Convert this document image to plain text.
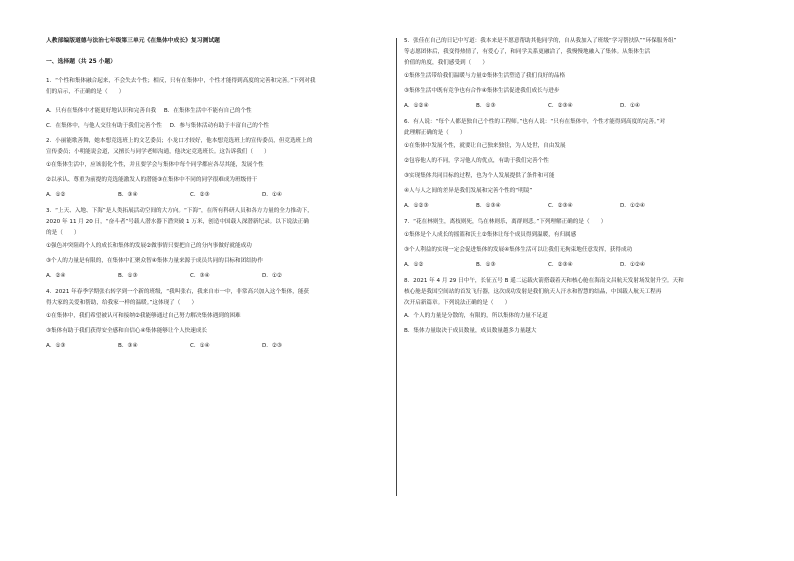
人教部编版道德与法治七年级第三单元《在集体中成长》复习测试题
一、选择题（共 25 小题）

1．“个性和集体融合起来，不会失去个性；相反，只有在集体中，个性才能得到高度的完善和完善。”下列对我

们的启示，不正确的是（　　）

A．只有在集体中才能更好地认识和完善自我 B．在集体生活中不能有自己的个性
C．在集体中，与他人交往有助于我们完善个性 D．参与集体活动有助于丰富自己的个性

2．小丽能歌善舞，她本想竞选班上的文艺委员；小龙口才较好，他本想竞选班上的宣传委员，但竞选班上的

宣传委员；小明能说会道，又擅长与同学老师沟通，他决定竞选班长。这告诉我们（　　）

①在集体生活中，应该弱化个性，并且要学会与集体中每个同学都应各尽其能，发展个性
②以承认、尊重为前提的竞选能激发人的潜能③在集体中不同的同学很难成为班级骨干
A．①②	B．③④	C．②③	D．①④

3．“上天、入地、下海”是人类拓展活动空间的大方向。“下海”，在所有科研人员和各方力量的全力推动下，

2020 年 11 月 20 日，“奋斗者”号载人潜水器下潜突破 1 万米，创造中国载人深潜新纪录。以下说法正确

的是（　　）

①强色冲突阻碍个人的成长和集体的发展②做事情只要把自己的分内事做好就能成功
③个人的力量是有限的，在集体中汇聚众智④集体力量来源于成员共同的目标和团结协作
A．②④	B．①③	C．③④	D．①②

4．2021 年春季学期张右转学到一个新的班级，“我叫张右，我来自市一中，非常高兴加入这个集体，能获

得大家的关爱和帮助，给我家一样的温暖。”这体现了（　　）

①在集体中，我们希望被认可和接纳②我能够通过自己努力解决集体遇到的困难
③集体有助于我们获得安全感和自信心④集体能够让个人快速成长
A．①③	B．③④	C．①④	D．②③

5．张佳在自己的日记中写道：我本来是不愿意帮助其他同学的，自从我加入了班级“学习帮扶队”“环保服务组”

等志愿团体后，我变得热情了，有爱心了，和同学关系更融洽了，我慢慢地融入了集体。从集体生活

价值的角度，我们感受到（　　）

①集体生活带给我们温暖与力量②集体生活塑造了我们良好的品格
③集体生活中既有竞争也有合作④集体生活促进我们成长与进步
A．①②④	B．①③	C．②③④	D．①④

6．有人说：“每个人都是独自己个性的工程师。”也有人说：“只有在集体中，个性才能得到高度的完善。”对

此理解正确的是（　　）

①在集体中发展个性，就要让自己独来独往，为人处世，自由发展
②包容他人的不同，学习他人的优点，有助于我们完善个性
③实现集体共同目标的过程，也为个人发展提供了条件和可能
④人与人之间的差异是我们发展和完善个性的“明镜”
A．①②③	B．①③④	C．②③④	D．①②④

7．“花在林则生，离枝则死，鸟在林则乐，离群则悲。”下列理解正确的是（　　）

①集体是个人成长的摇篮和沃土②集体让每个成员得到温暖，有归属感
③个人利益的实现一定会促进集体的发展④集体生活可以让我们无拘束地任意发挥，获得成功
A．①②	B．①③	C．②③④	D．①②④

8．2021 年 4 月 29 日中午，长征五号 B 遥二运载火箭搭载着天和核心舱在海南文昌航天发射场发射升空。天和

核心舱是我国空间站的首发飞行器，这次成功发射是我们航天人汗水和智慧的结晶，中国载人航天工程再

次开启新篇章。下列说法正确的是（　　）

A．个人的力量是分散的，有限的，所以集体的力量不足道
B．集体力量取决于成员数量，成员数量越多力量越大
